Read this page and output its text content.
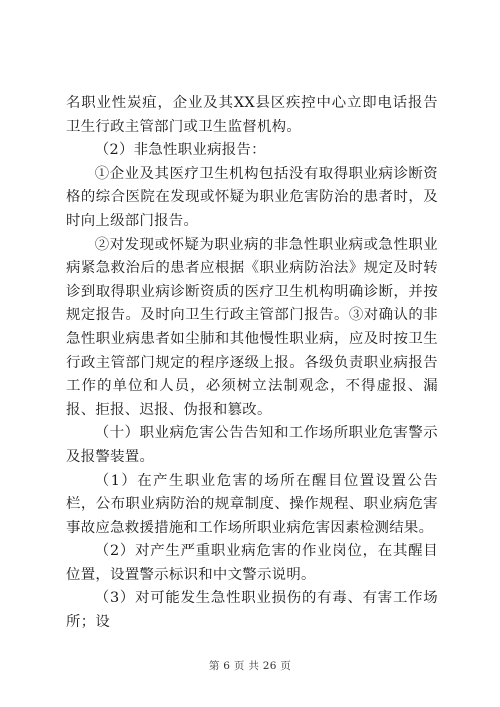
名职业性炭疽，企业及其XX县区疾控中心立即电话报告卫生行政主管部门或卫生监督机构。

（2）非急性职业病报告：

①企业及其医疗卫生机构包括没有取得职业病诊断资格的综合医院在发现或怀疑为职业危害防治的患者时，及时向上级部门报告。

②对发现或怀疑为职业病的非急性职业病或急性职业病紧急救治后的患者应根据《职业病防治法》规定及时转诊到取得职业病诊断资质的医疗卫生机构明确诊断，并按规定报告。及时向卫生行政主管部门报告。③对确认的非急性职业病患者如尘肺和其他慢性职业病，应及时按卫生行政主管部门规定的程序逐级上报。各级负责职业病报告工作的单位和人员，必须树立法制观念，不得虚报、漏报、拒报、迟报、伪报和篡改。

（十）职业病危害公告告知和工作场所职业危害警示及报警装置。

（1）在产生职业危害的场所在醒目位置设置公告栏，公布职业病防治的规章制度、操作规程、职业病危害事故应急救援措施和工作场所职业病危害因素检测结果。

（2）对产生严重职业病危害的作业岗位，在其醒目位置，设置警示标识和中文警示说明。

（3）对可能发生急性职业损伤的有毒、有害工作场所；设

第 6 页 共 26 页
